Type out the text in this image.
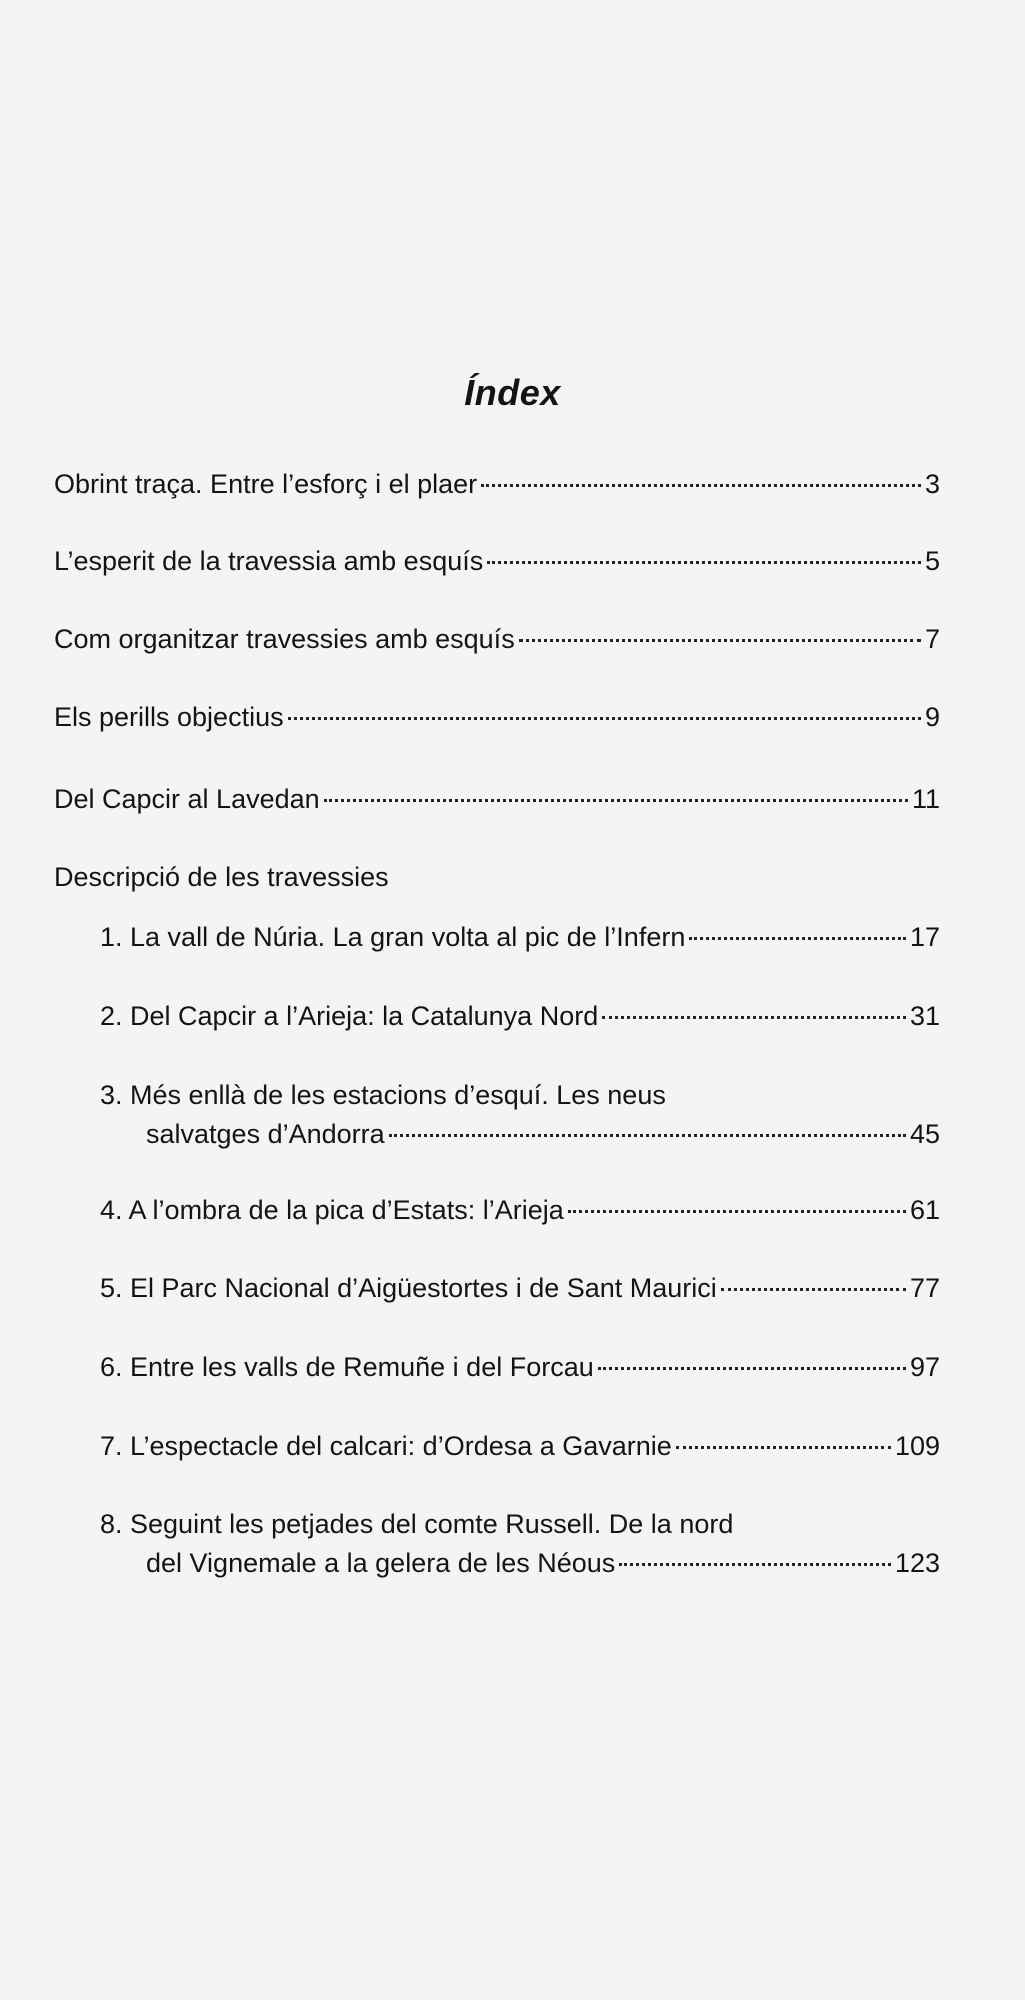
Índex
Obrint traça. Entre l’esforç i el plaer	3
L’esperit de la travessia amb esquís	5
Com organitzar travessies amb esquís	7
Els perills objectius	9
Del Capcir al Lavedan	11
Descripció de les travessies
1. La vall de Núria. La gran volta al pic de l’Infern	17
2. Del Capcir a l’Arieja: la Catalunya Nord	31
3. Més enllà de les estacions d’esquí. Les neus
salvatges d’Andorra	45
4. A l’ombra de la pica d’Estats: l’Arieja	61
5. El Parc Nacional d’Aigüestortes i de Sant Maurici	77
6. Entre les valls de Remuñe i del Forcau	97
7. L’espectacle del calcari: d’Ordesa a Gavarnie	109
8. Seguint les petjades del comte Russell. De la nord
del Vignemale a la gelera de les Néous	123
